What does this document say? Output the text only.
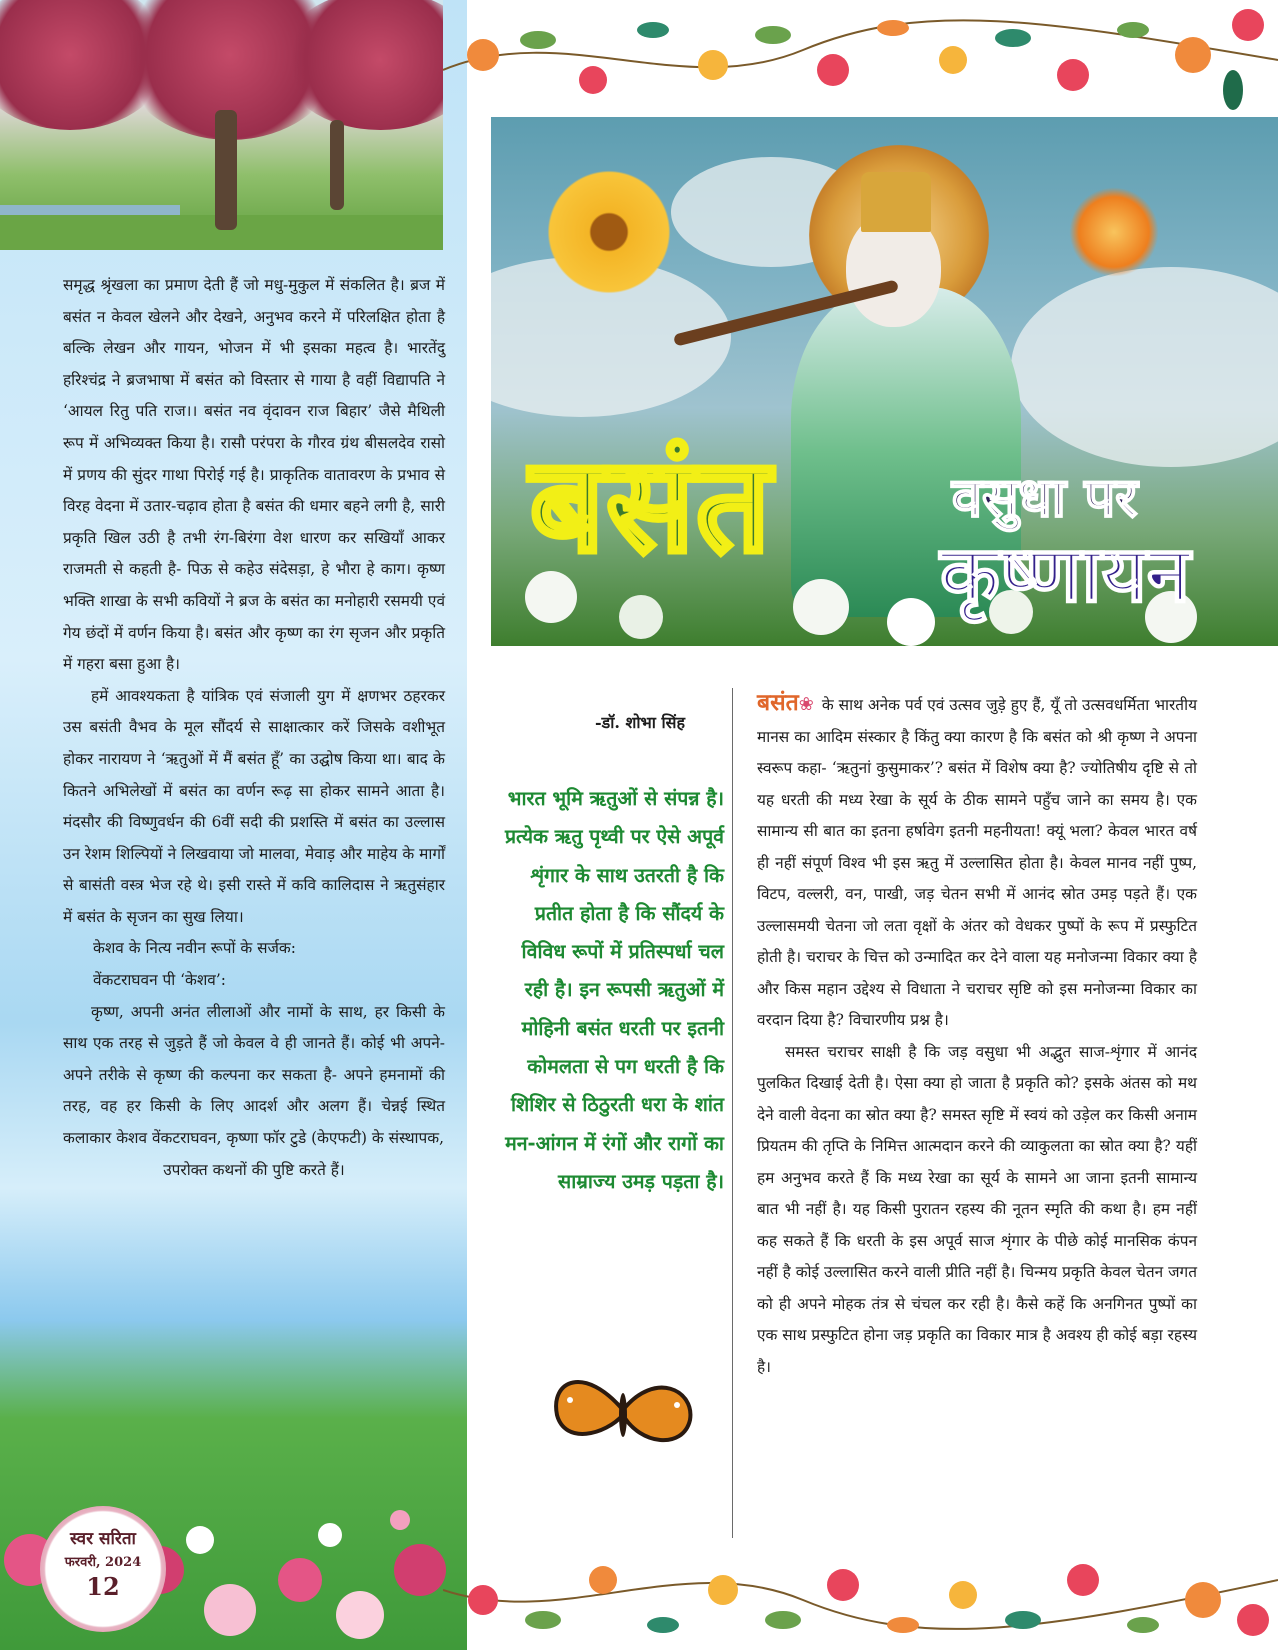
समृद्ध श्रृंखला का प्रमाण देती हैं जो मधु-मुकुल में संकलित है। ब्रज में बसंत न केवल खेलने और देखने, अनुभव करने में परिलक्षित होता है बल्कि लेखन और गायन, भोजन में भी इसका महत्व है। भारतेंदु हरिश्चंद्र ने ब्रजभाषा में बसंत को विस्तार से गाया है वहीं विद्यापति ने ‘आयल रितु पति राज।। बसंत नव वृंदावन राज बिहार’ जैसे मैथिली रूप में अभिव्यक्त किया है। रासौ परंपरा के गौरव ग्रंथ बीसलदेव रासो में प्रणय की सुंदर गाथा पिरोई गई है। प्राकृतिक वातावरण के प्रभाव से विरह वेदना में उतार-चढ़ाव होता है बसंत की धमार बहने लगी है, सारी प्रकृति खिल उठी है तभी रंग-बिरंगा वेश धारण कर सखियाँ आकर राजमती से कहती है- पिऊ से कहेउ संदेसड़ा, हे भौरा हे काग। कृष्ण भक्ति शाखा के सभी कवियों ने ब्रज के बसंत का मनोहारी रसमयी एवं गेय छंदों में वर्णन किया है। बसंत और कृष्ण का रंग सृजन और प्रकृति में गहरा बसा हुआ है।

हमें आवश्यकता है यांत्रिक एवं संजाली युग में क्षणभर ठहरकर उस बसंती वैभव के मूल सौंदर्य से साक्षात्कार करें जिसके वशीभूत होकर नारायण ने ‘ऋतुओं में मैं बसंत हूँ’ का उद्घोष किया था। बाद के कितने अभिलेखों में बसंत का वर्णन रूढ़ सा होकर सामने आता है। मंदसौर की विष्णुवर्धन की 6वीं सदी की प्रशस्ति में बसंत का उल्लास उन रेशम शिल्पियों ने लिखवाया जो मालवा, मेवाड़ और माहेय के मार्गों से बासंती वस्त्र भेज रहे थे। इसी रास्ते में कवि कालिदास ने ऋतुसंहार में बसंत के सृजन का सुख लिया।

केशव के नित्य नवीन रूपों के सर्जक:

वेंकटराघवन पी ‘केशव’:

कृष्ण, अपनी अनंत लीलाओं और नामों के साथ, हर किसी के साथ एक तरह से जुड़ते हैं जो केवल वे ही जानते हैं। कोई भी अपने-अपने तरीके से कृष्ण की कल्पना कर सकता है- अपने हमनामों की तरह, वह हर किसी के लिए आदर्श और अलग हैं। चेन्नई स्थित कलाकार केशव वेंकटराघवन, कृष्णा फॉर टुडे (केएफटी) के संस्थापक,

उपरोक्त कथनों की पुष्टि करते हैं।

स्वर सरिता
फरवरी, 2024
12
बसंत	वसुधा पर
कृष्णायन
-डॉ. शोभा सिंह
भारत भूमि ऋतुओं से संपन्न है। प्रत्येक ऋतु पृथ्वी पर ऐसे अपूर्व शृंगार के साथ उतरती है कि प्रतीत होता है कि सौंदर्य के विविध रूपों में प्रतिस्पर्धा चल रही है। इन रूपसी ऋतुओं में मोहिनी बसंत धरती पर इतनी कोमलता से पग धरती है कि शिशिर से ठिठुरती धरा के शांत मन-आंगन में रंगों और रागों का साम्राज्य उमड़ पड़ता है।

बसंत❀ के साथ अनेक पर्व एवं उत्सव जुड़े हुए हैं, यूँ तो उत्सवधर्मिता भारतीय मानस का आदिम संस्कार है किंतु क्या कारण है कि बसंत को श्री कृष्ण ने अपना स्वरूप कहा- ‘ऋतुनां कुसुमाकर’? बसंत में विशेष क्या है? ज्योतिषीय दृष्टि से तो यह धरती की मध्य रेखा के सूर्य के ठीक सामने पहुँच जाने का समय है। एक सामान्य सी बात का इतना हर्षावेग इतनी महनीयता! क्यूं भला? केवल भारत वर्ष ही नहीं संपूर्ण विश्व भी इस ऋतु में उल्लासित होता है। केवल मानव नहीं पुष्प, विटप, वल्लरी, वन, पाखी, जड़ चेतन सभी में आनंद स्रोत उमड़ पड़ते हैं। एक उल्लासमयी चेतना जो लता वृक्षों के अंतर को वेधकर पुष्पों के रूप में प्रस्फुटित होती है। चराचर के चित्त को उन्मादित कर देने वाला यह मनोजन्मा विकार क्या है और किस महान उद्देश्य से विधाता ने चराचर सृष्टि को इस मनोजन्मा विकार का वरदान दिया है? विचारणीय प्रश्न है।

समस्त चराचर साक्षी है कि जड़ वसुधा भी अद्भुत साज-शृंगार में आनंद पुलकित दिखाई देती है। ऐसा क्या हो जाता है प्रकृति को? इसके अंतस को मथ देने वाली वेदना का स्रोत क्या है? समस्त सृष्टि में स्वयं को उड़ेल कर किसी अनाम प्रियतम की तृप्ति के निमित्त आत्मदान करने की व्याकुलता का स्रोत क्या है? यहीं हम अनुभव करते हैं कि मध्य रेखा का सूर्य के सामने आ जाना इतनी सामान्य बात भी नहीं है। यह किसी पुरातन रहस्य की नूतन स्मृति की कथा है। हम नहीं कह सकते हैं कि धरती के इस अपूर्व साज शृंगार के पीछे कोई मानसिक कंपन नहीं है कोई उल्लासित करने वाली प्रीति नहीं है। चिन्मय प्रकृति केवल चेतन जगत को ही अपने मोहक तंत्र से चंचल कर रही है। कैसे कहें कि अनगिनत पुष्पों का एक साथ प्रस्फुटित होना जड़ प्रकृति का विकार मात्र है अवश्य ही कोई बड़ा रहस्य है।
